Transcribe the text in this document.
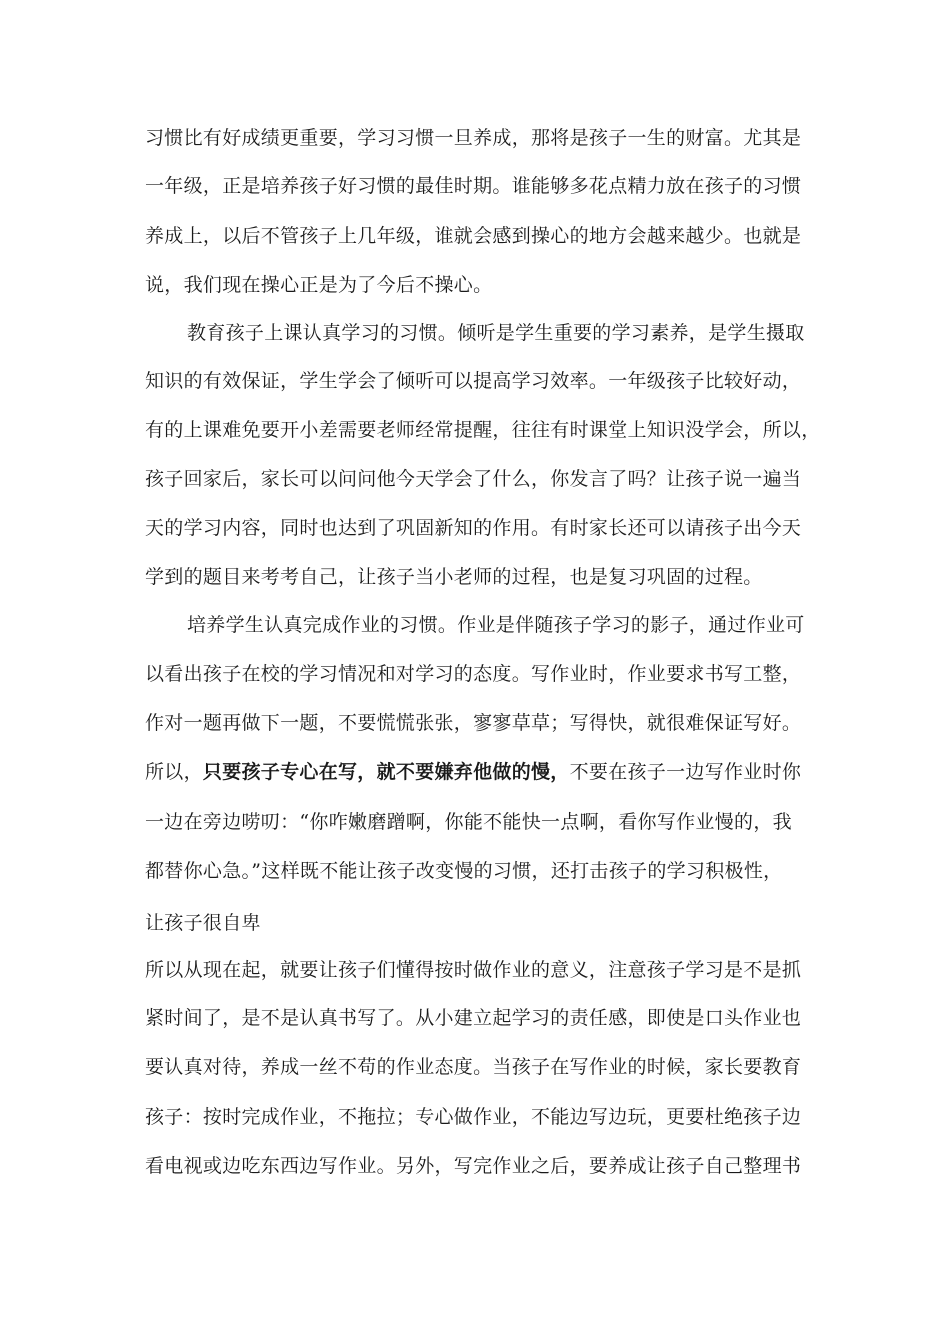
习惯比有好成绩更重要，学习习惯一旦养成，那将是孩子一生的财富。尤其是
一年级，正是培养孩子好习惯的最佳时期。谁能够多花点精力放在孩子的习惯
养成上，以后不管孩子上几年级，谁就会感到操心的地方会越来越少。也就是
说，我们现在操心正是为了今后不操心。
教育孩子上课认真学习的习惯。倾听是学生重要的学习素养，是学生摄取
知识的有效保证，学生学会了倾听可以提高学习效率。一年级孩子比较好动，
有的上课难免要开小差需要老师经常提醒，往往有时课堂上知识没学会，所以，
孩子回家后，家长可以问问他今天学会了什么，你发言了吗？让孩子说一遍当
天的学习内容，同时也达到了巩固新知的作用。有时家长还可以请孩子出今天
学到的题目来考考自己，让孩子当小老师的过程，也是复习巩固的过程。
培养学生认真完成作业的习惯。作业是伴随孩子学习的影子，通过作业可
以看出孩子在校的学习情况和对学习的态度。写作业时，作业要求书写工整，
作对一题再做下一题，不要慌慌张张，寥寥草草；写得快，就很难保证写好。
所以，只要孩子专心在写，就不要嫌弃他做的慢，不要在孩子一边写作业时你
一边在旁边唠叨：“你咋嫩磨蹭啊，你能不能快一点啊，看你写作业慢的，我
都替你心急。”这样既不能让孩子改变慢的习惯，还打击孩子的学习积极性，
让孩子很自卑
所以从现在起，就要让孩子们懂得按时做作业的意义，注意孩子学习是不是抓
紧时间了，是不是认真书写了。从小建立起学习的责任感，即使是口头作业也
要认真对待，养成一丝不苟的作业态度。当孩子在写作业的时候，家长要教育
孩子：按时完成作业，不拖拉；专心做作业，不能边写边玩，更要杜绝孩子边
看电视或边吃东西边写作业。另外，写完作业之后，要养成让孩子自己整理书
